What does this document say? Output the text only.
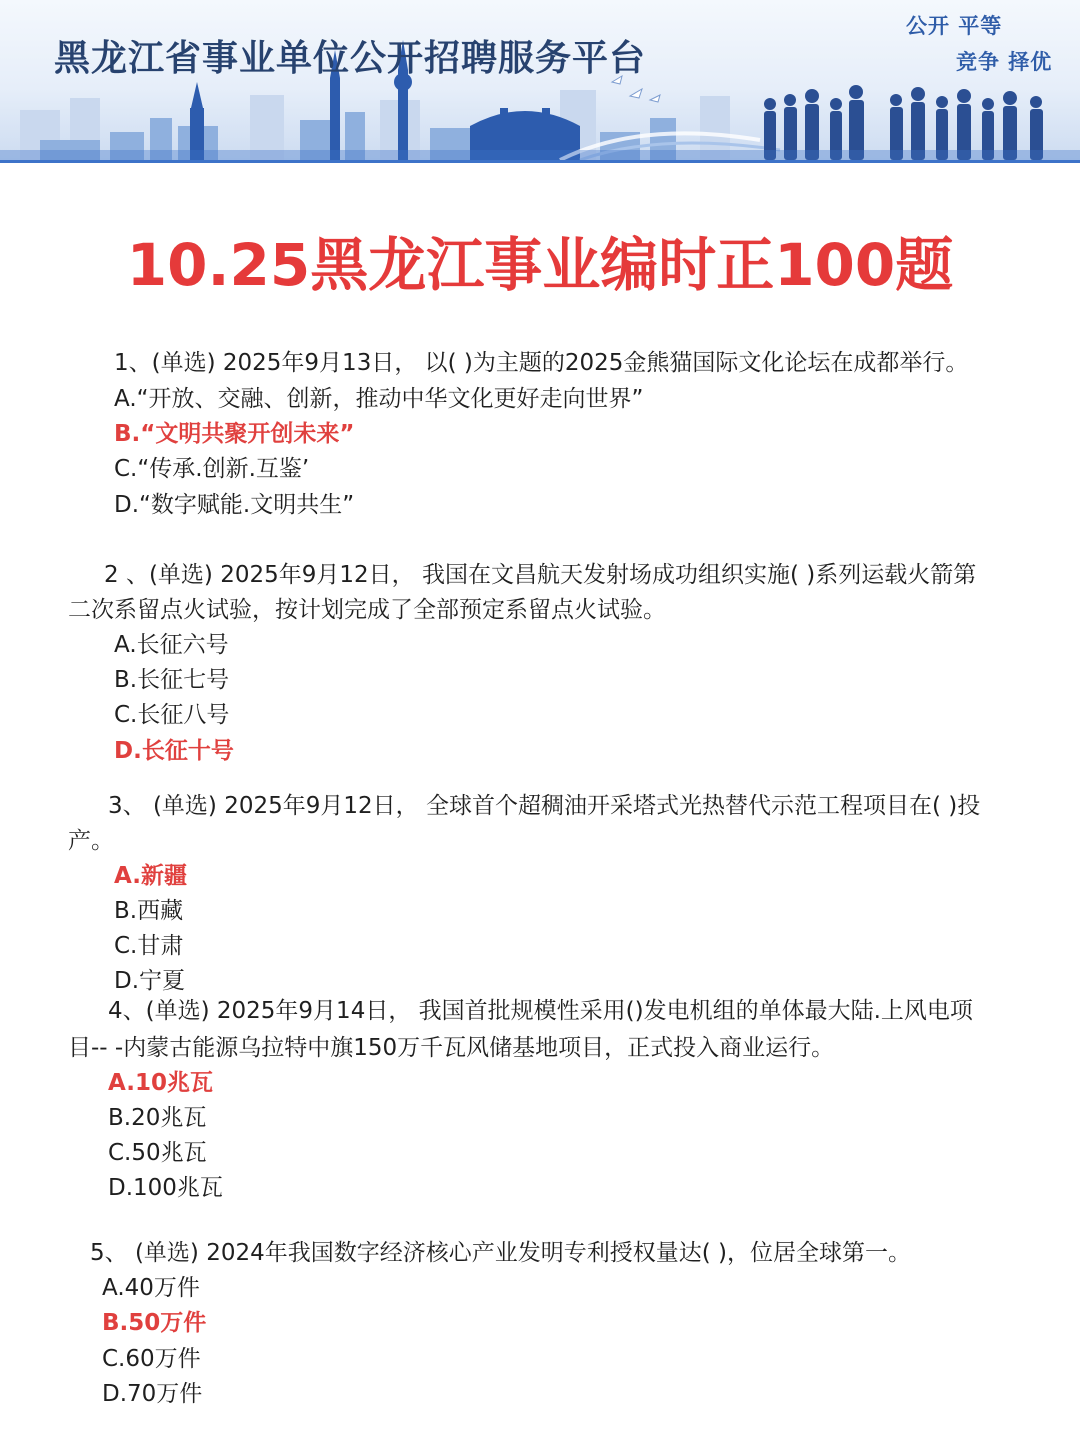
黑龙江省事业单位公开招聘服务平台
公开 平等
竞争 择优
10.25黑龙江事业编时正100题
1、(单选) 2025年9月13日， 以( )为主题的2025金熊猫国际文化论坛在成都举行。
A.“开放、交融、创新，推动中华文化更好走向世界”
B.“文明共聚开创未来”
C.“传承.创新.互鉴’
D.“数字赋能.文明共生”
2 、(单选) 2025年9月12日， 我国在文昌航天发射场成功组织实施( )系列运载火箭第
二次系留点火试验，按计划完成了全部预定系留点火试验。
A.长征六号
B.长征七号
C.长征八号
D.长征十号
3、 (单选) 2025年9月12日， 全球首个超稠油开采塔式光热替代示范工程项目在( )投
产。
A.新疆
B.西藏
C.甘肃
D.宁夏
4、(单选) 2025年9月14日， 我国首批规模性采用()发电机组的单体最大陆.上风电项
目-- -内蒙古能源乌拉特中旗150万千瓦风储基地项目，正式投入商业运行。
A.10兆瓦
B.20兆瓦
C.50兆瓦
D.100兆瓦
5、 (单选) 2024年我国数字经济核心产业发明专利授权量达( )，位居全球第一。
A.40万件
B.50万件
C.60万件
D.70万件
